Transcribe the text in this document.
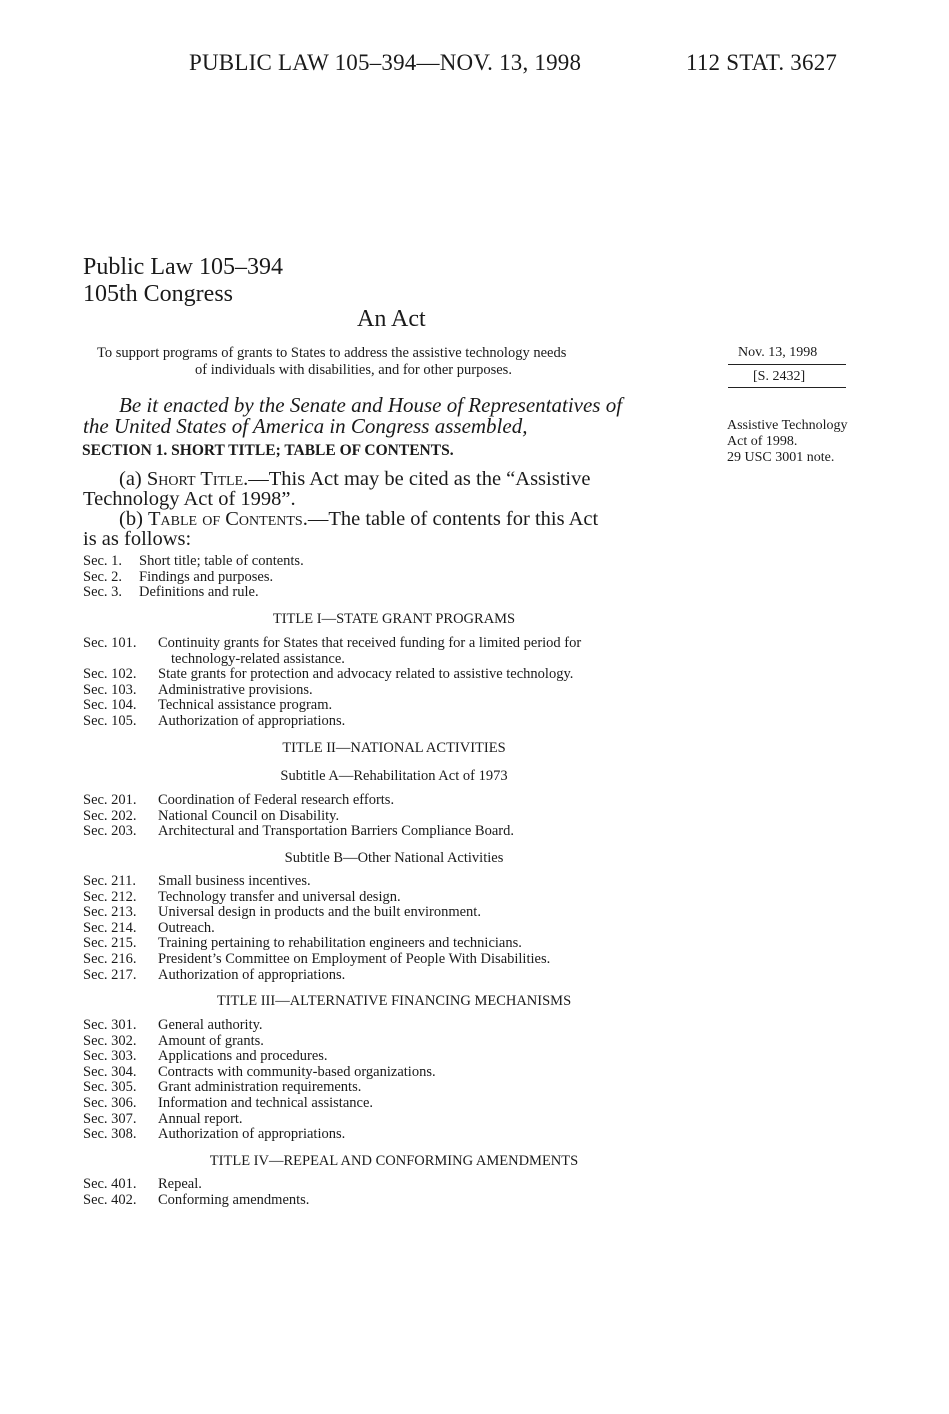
PUBLIC LAW 105–394—NOV. 13, 1998	112 STAT. 3627
Public Law 105–394
105th Congress
An Act
To support programs of grants to States to address the assistive technology needs
of individuals with disabilities, and for other purposes.
Nov. 13, 1998
[S. 2432]
Assistive Technology Act of 1998.
29 USC 3001 note.
Be it enacted by the Senate and House of Representatives of
the United States of America in Congress assembled,
SECTION 1. SHORT TITLE; TABLE OF CONTENTS.
(a) Short Title.—This Act may be cited as the “Assistive
Technology Act of 1998”.
(b) Table of Contents.—The table of contents for this Act
is as follows:
Sec. 1. Short title; table of contents.
Sec. 2. Findings and purposes.
Sec. 3. Definitions and rule.
TITLE I—STATE GRANT PROGRAMS
Sec. 101. Continuity grants for States that received funding for a limited period for
technology-related assistance.
Sec. 102. State grants for protection and advocacy related to assistive technology.
Sec. 103. Administrative provisions.
Sec. 104. Technical assistance program.
Sec. 105. Authorization of appropriations.
TITLE II—NATIONAL ACTIVITIES
Subtitle A—Rehabilitation Act of 1973
Sec. 201. Coordination of Federal research efforts.
Sec. 202. National Council on Disability.
Sec. 203. Architectural and Transportation Barriers Compliance Board.
Subtitle B—Other National Activities
Sec. 211. Small business incentives.
Sec. 212. Technology transfer and universal design.
Sec. 213. Universal design in products and the built environment.
Sec. 214. Outreach.
Sec. 215. Training pertaining to rehabilitation engineers and technicians.
Sec. 216. President’s Committee on Employment of People With Disabilities.
Sec. 217. Authorization of appropriations.
TITLE III—ALTERNATIVE FINANCING MECHANISMS
Sec. 301. General authority.
Sec. 302. Amount of grants.
Sec. 303. Applications and procedures.
Sec. 304. Contracts with community-based organizations.
Sec. 305. Grant administration requirements.
Sec. 306. Information and technical assistance.
Sec. 307. Annual report.
Sec. 308. Authorization of appropriations.
TITLE IV—REPEAL AND CONFORMING AMENDMENTS
Sec. 401. Repeal.
Sec. 402. Conforming amendments.
